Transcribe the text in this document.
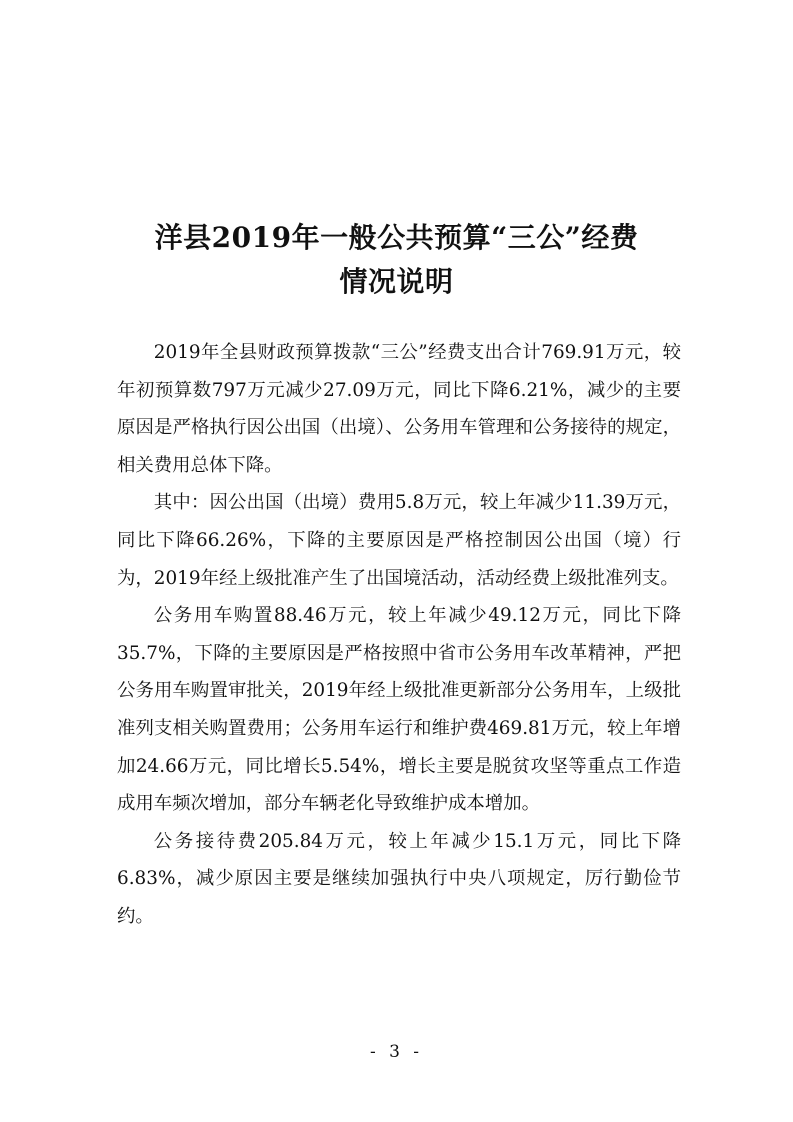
洋县2019年一般公共预算“三公”经费
情况说明

2019年全县财政预算拨款“三公”经费支出合计769.91万元，较年初预算数797万元减少27.09万元，同比下降6.21%，减少的主要原因是严格执行因公出国（出境）、公务用车管理和公务接待的规定，相关费用总体下降。

其中：因公出国（出境）费用5.8万元，较上年减少11.39万元，同比下降66.26%，下降的主要原因是严格控制因公出国（境）行为，2019年经上级批准产生了出国境活动，活动经费上级批准列支。

公务用车购置88.46万元，较上年减少49.12万元，同比下降35.7%，下降的主要原因是严格按照中省市公务用车改革精神，严把公务用车购置审批关，2019年经上级批准更新部分公务用车，上级批准列支相关购置费用；公务用车运行和维护费469.81万元，较上年增加24.66万元，同比增长5.54%，增长主要是脱贫攻坚等重点工作造成用车频次增加，部分车辆老化导致维护成本增加。

公务接待费205.84万元，较上年减少15.1万元，同比下降6.83%，减少原因主要是继续加强执行中央八项规定，厉行勤俭节约。

- 3 -
